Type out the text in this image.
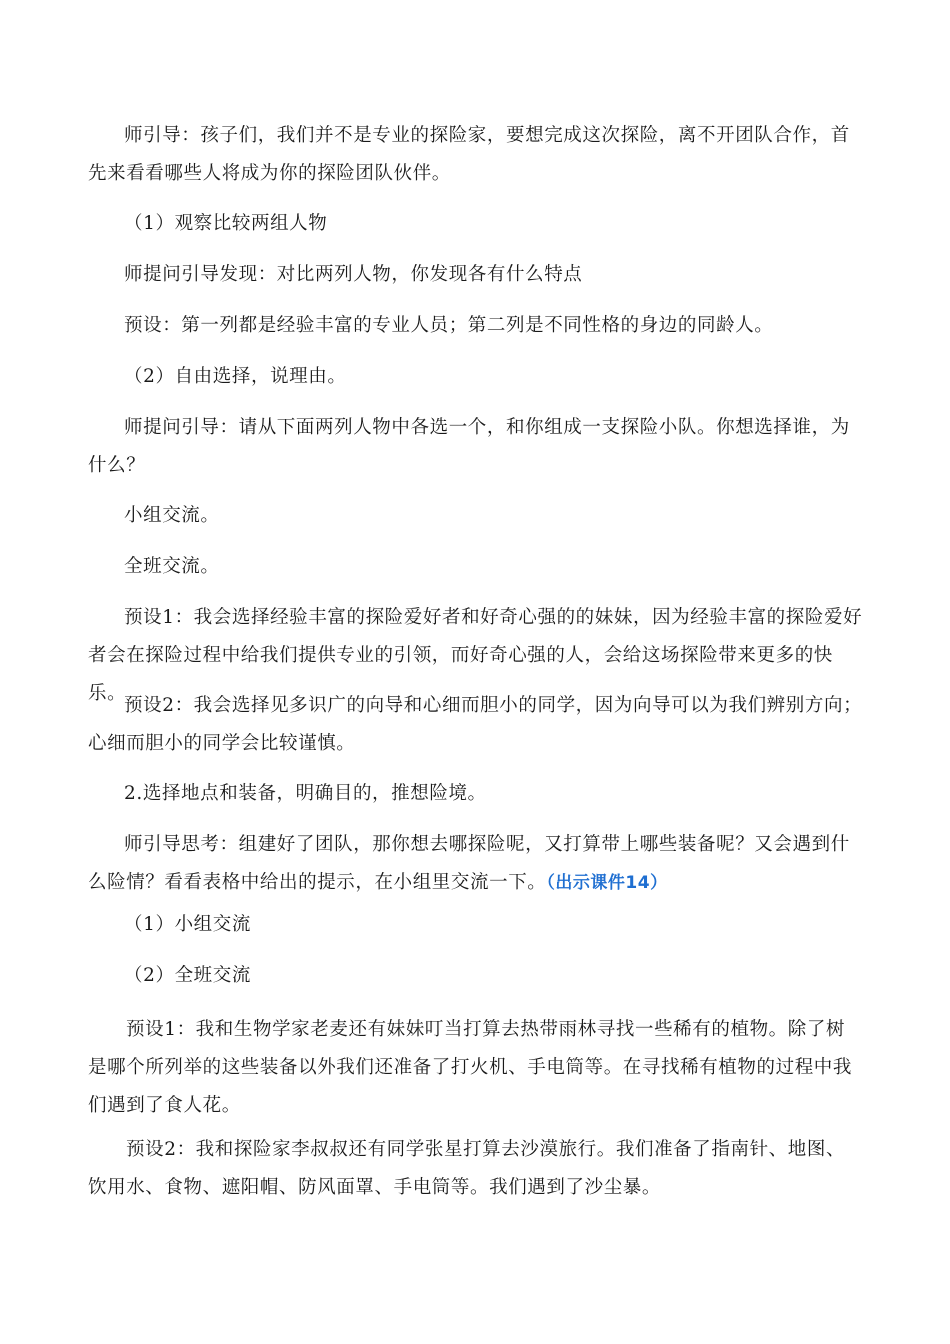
师引导：孩子们，我们并不是专业的探险家，要想完成这次探险，离不开团队合作，首先来看看哪些人将成为你的探险团队伙伴。

（1）观察比较两组人物

师提问引导发现：对比两列人物，你发现各有什么特点

预设：第一列都是经验丰富的专业人员；第二列是不同性格的身边的同龄人。

（2）自由选择，说理由。

师提问引导：请从下面两列人物中各选一个，和你组成一支探险小队。你想选择谁，为什么？

小组交流。

全班交流。

预设1：我会选择经验丰富的探险爱好者和好奇心强的的妹妹，因为经验丰富的探险爱好者会在探险过程中给我们提供专业的引领，而好奇心强的人，会给这场探险带来更多的快乐。

预设2：我会选择见多识广的向导和心细而胆小的同学，因为向导可以为我们辨别方向；心细而胆小的同学会比较谨慎。

2.选择地点和装备，明确目的，推想险境。

师引导思考：组建好了团队，那你想去哪探险呢，又打算带上哪些装备呢？又会遇到什么险情？看看表格中给出的提示，在小组里交流一下。（出示课件14）

（1）小组交流

（2）全班交流

预设1：我和生物学家老麦还有妹妹叮当打算去热带雨林寻找一些稀有的植物。除了树是哪个所列举的这些装备以外我们还准备了打火机、手电筒等。在寻找稀有植物的过程中我们遇到了食人花。

预设2：我和探险家李叔叔还有同学张星打算去沙漠旅行。我们准备了指南针、地图、饮用水、食物、遮阳帽、防风面罩、手电筒等。我们遇到了沙尘暴。
